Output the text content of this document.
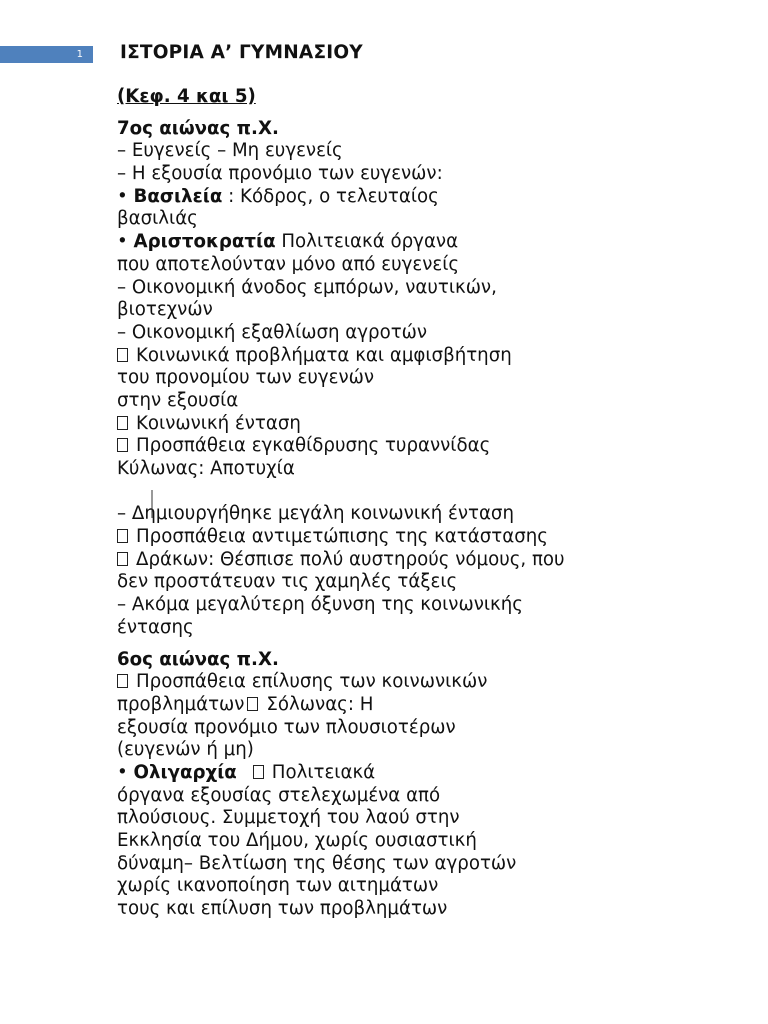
1 ΙΣΤΟΡΙΑ Α’ ΓΥΜΝΑΣΙΟΥ
(Κεφ. 4 και 5)
7ος αιώνας π.Χ.
– Ευγενείς – Μη ευγενείς
– Η εξουσία προνόμιο των ευγενών:
• Βασιλεία : Κόδρος, ο τελευταίος
βασιλιάς
• Αριστοκρατία Πολιτειακά όργανα
που αποτελούνταν μόνο από ευγενείς
– Οικονομική άνοδος εμπόρων, ναυτικών,
βιοτεχνών
– Οικονομική εξαθλίωση αγροτών
Κοινωνικά προβλήματα και αμφισβήτηση
του προνομίου των ευγενών
στην εξουσία
Κοινωνική ένταση
Προσπάθεια εγκαθίδρυσης τυραννίδας
Κύλωνας: Αποτυχία
– Δημιουργήθηκε μεγάλη κοινωνική ένταση
Προσπάθεια αντιμετώπισης της κατάστασης
Δράκων: Θέσπισε πολύ αυστηρούς νόμους, που
δεν προστάτευαν τις χαμηλές τάξεις
– Ακόμα μεγαλύτερη όξυνση της κοινωνικής
έντασης
6ος αιώνας π.Χ.
Προσπάθεια επίλυσης των κοινωνικών
προβλημάτων Σόλωνας: Η
εξουσία προνόμιο των πλουσιοτέρων
(ευγενών ή μη)
• Ολιγαρχία Πολιτειακά
όργανα εξουσίας στελεχωμένα από
πλούσιους. Συμμετοχή του λαού στην
Εκκλησία του Δήμου, χωρίς ουσιαστική
δύναμη– Βελτίωση της θέσης των αγροτών
χωρίς ικανοποίηση των αιτημάτων
τους και επίλυση των προβλημάτων
